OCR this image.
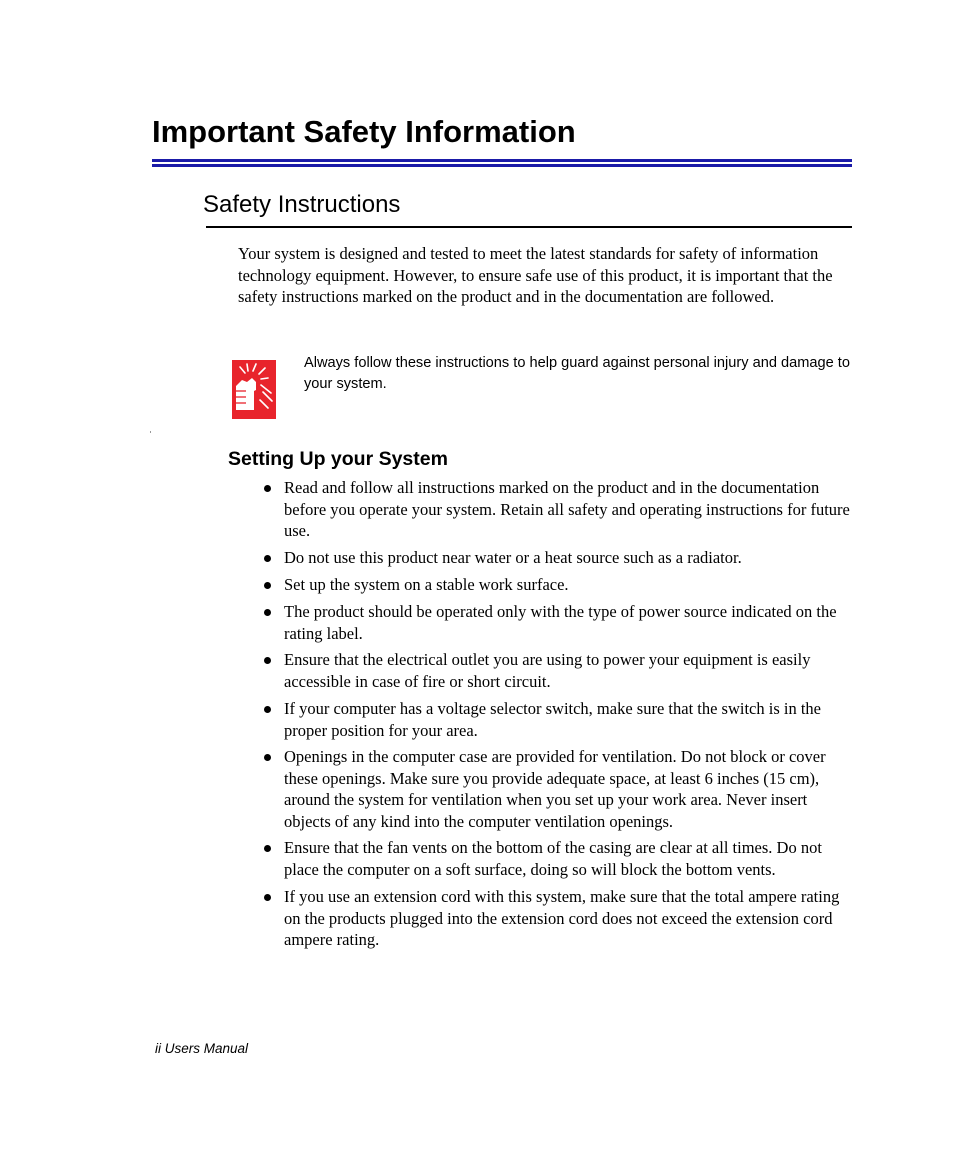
Important Safety Information
Safety Instructions

Your system is designed and tested to meet the latest standards for safety of information technology equipment. However, to ensure safe use of this product, it is important that the safety instructions marked on the product and in the documentation are followed.

Always follow these instructions to help guard against personal injury and damage to your system.

Setting Up your System
Read and follow all instructions marked on the product and in the documentation before you operate your system. Retain all safety and operating instructions for future use.
Do not use this product near water or a heat source such as a radiator.
Set up the system on a stable work surface.
The product should be operated only with the type of power source indicated on the rating label.
Ensure that the electrical outlet you are using to power your equipment is easily accessible in case of fire or short circuit.
If your computer has a voltage selector switch, make sure that the switch is in the proper position for your area.
Openings in the computer case are provided for ventilation. Do not block or cover these openings. Make sure you provide adequate space, at least 6 inches (15 cm), around the system for ventilation when you set up your work area. Never insert objects of any kind into the computer ventilation openings.
Ensure that the fan vents on the bottom of the casing are clear at all times. Do not place the computer on a soft surface, doing so will block the bottom vents.
If you use an extension cord with this system, make sure that the total ampere rating on the products plugged into the extension cord does not exceed the extension cord ampere rating.

ii Users Manual
